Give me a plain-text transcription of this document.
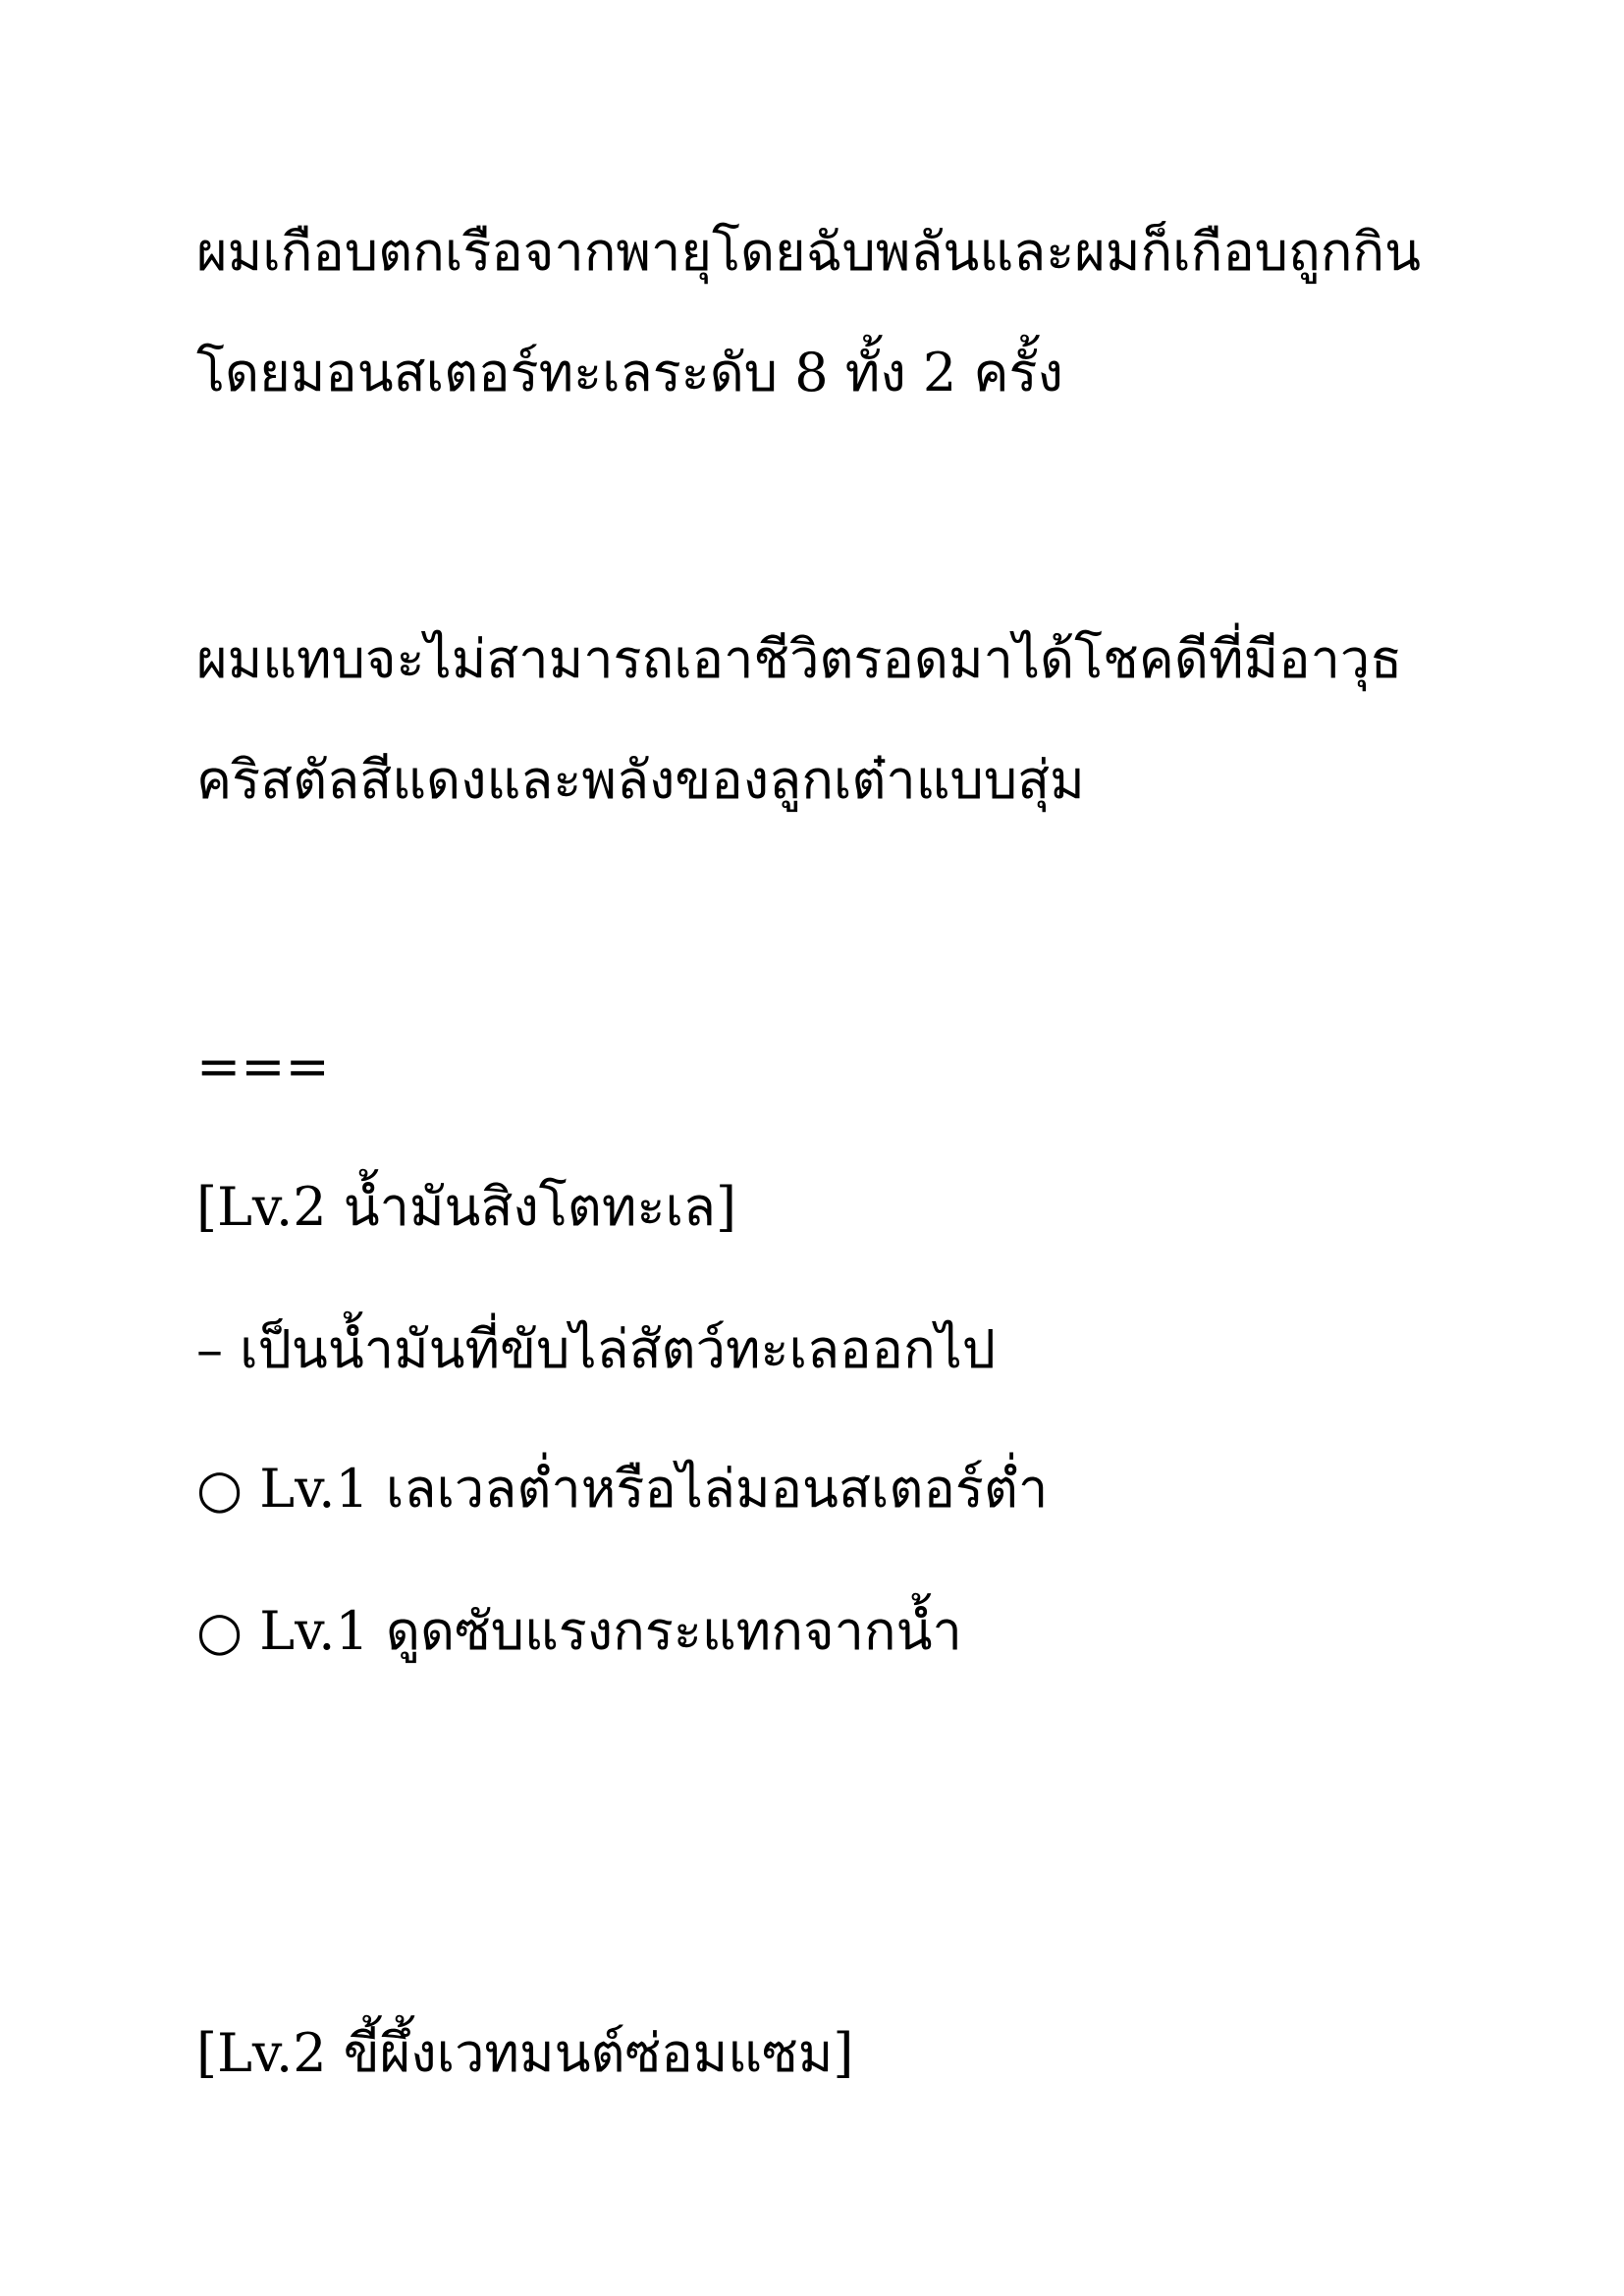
ผมเกือบตกเรือจากพายุโดยฉับพลันและผมก็เกือบถูกกิน

โดยมอนสเตอร์ทะเลระดับ 8 ทั้ง 2 ครั้ง

ผมแทบจะไม่สามารถเอาชีวิตรอดมาได้โชคดีที่มีอาวุธ

คริสตัลสีแดงและพลังของลูกเต๋าแบบสุ่ม

===

[Lv.2 น้ำมันสิงโตทะเล]

– เป็นน้ำมันที่ขับไล่สัตว์ทะเลออกไป

○ Lv.1 เลเวลต่ำหรือไล่มอนสเตอร์ต่ำ

○ Lv.1 ดูดซับแรงกระแทกจากน้ำ

[Lv.2 ขี้ผึ้งเวทมนต์ซ่อมแซม]
